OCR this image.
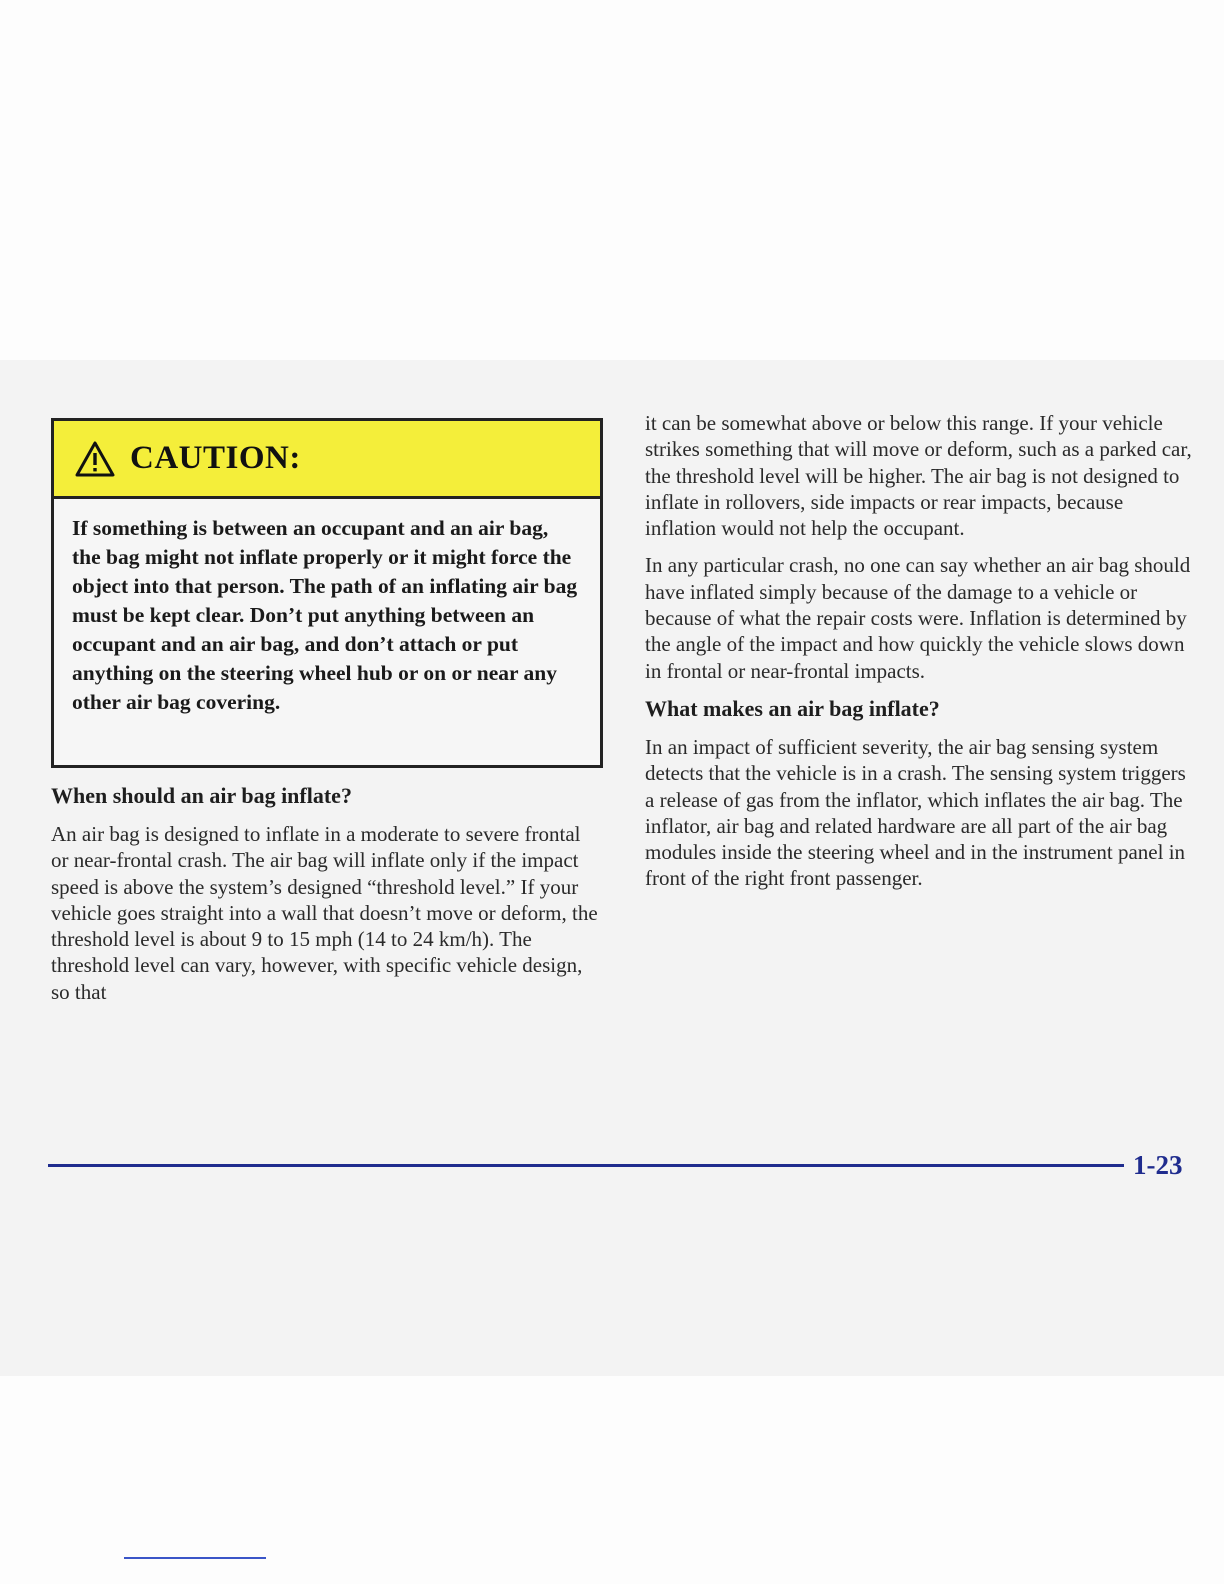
CAUTION:
If something is between an occupant and an air bag, the bag might not inflate properly or it might force the object into that person. The path of an inflating air bag must be kept clear. Don’t put anything between an occupant and an air bag, and don’t attach or put anything on the steering wheel hub or on or near any other air bag covering.
When should an air bag inflate?
An air bag is designed to inflate in a moderate to severe frontal or near-frontal crash. The air bag will inflate only if the impact speed is above the system’s designed “threshold level.” If your vehicle goes straight into a wall that doesn’t move or deform, the threshold level is about 9 to 15 mph (14 to 24 km/h). The threshold level can vary, however, with specific vehicle design, so that
it can be somewhat above or below this range. If your vehicle strikes something that will move or deform, such as a parked car, the threshold level will be higher. The air bag is not designed to inflate in rollovers, side impacts or rear impacts, because inflation would not help the occupant.
In any particular crash, no one can say whether an air bag should have inflated simply because of the damage to a vehicle or because of what the repair costs were. Inflation is determined by the angle of the impact and how quickly the vehicle slows down in frontal or near-frontal impacts.
What makes an air bag inflate?
In an impact of sufficient severity, the air bag sensing system detects that the vehicle is in a crash. The sensing system triggers a release of gas from the inflator, which inflates the air bag. The inflator, air bag and related hardware are all part of the air bag modules inside the steering wheel and in the instrument panel in front of the right front passenger.
1-23
